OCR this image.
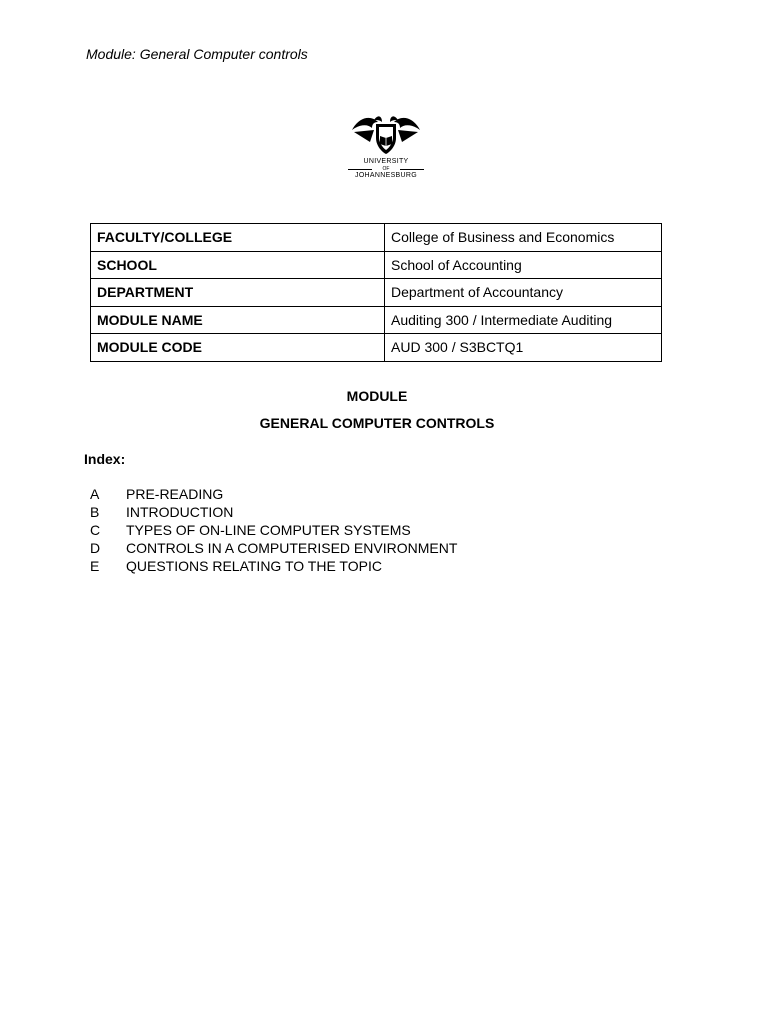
Module: General Computer controls
UNIVERSITY
OF
JOHANNESBURG
FACULTY/COLLEGE	College of Business and Economics
SCHOOL	School of Accounting
DEPARTMENT	Department of Accountancy
MODULE NAME	Auditing 300 / Intermediate Auditing
MODULE CODE	AUD 300 / S3BCTQ1
MODULE
GENERAL COMPUTER CONTROLS
Index:
A PRE-READING
B INTRODUCTION
C TYPES OF ON-LINE COMPUTER SYSTEMS
D CONTROLS IN A COMPUTERISED ENVIRONMENT
E QUESTIONS RELATING TO THE TOPIC
